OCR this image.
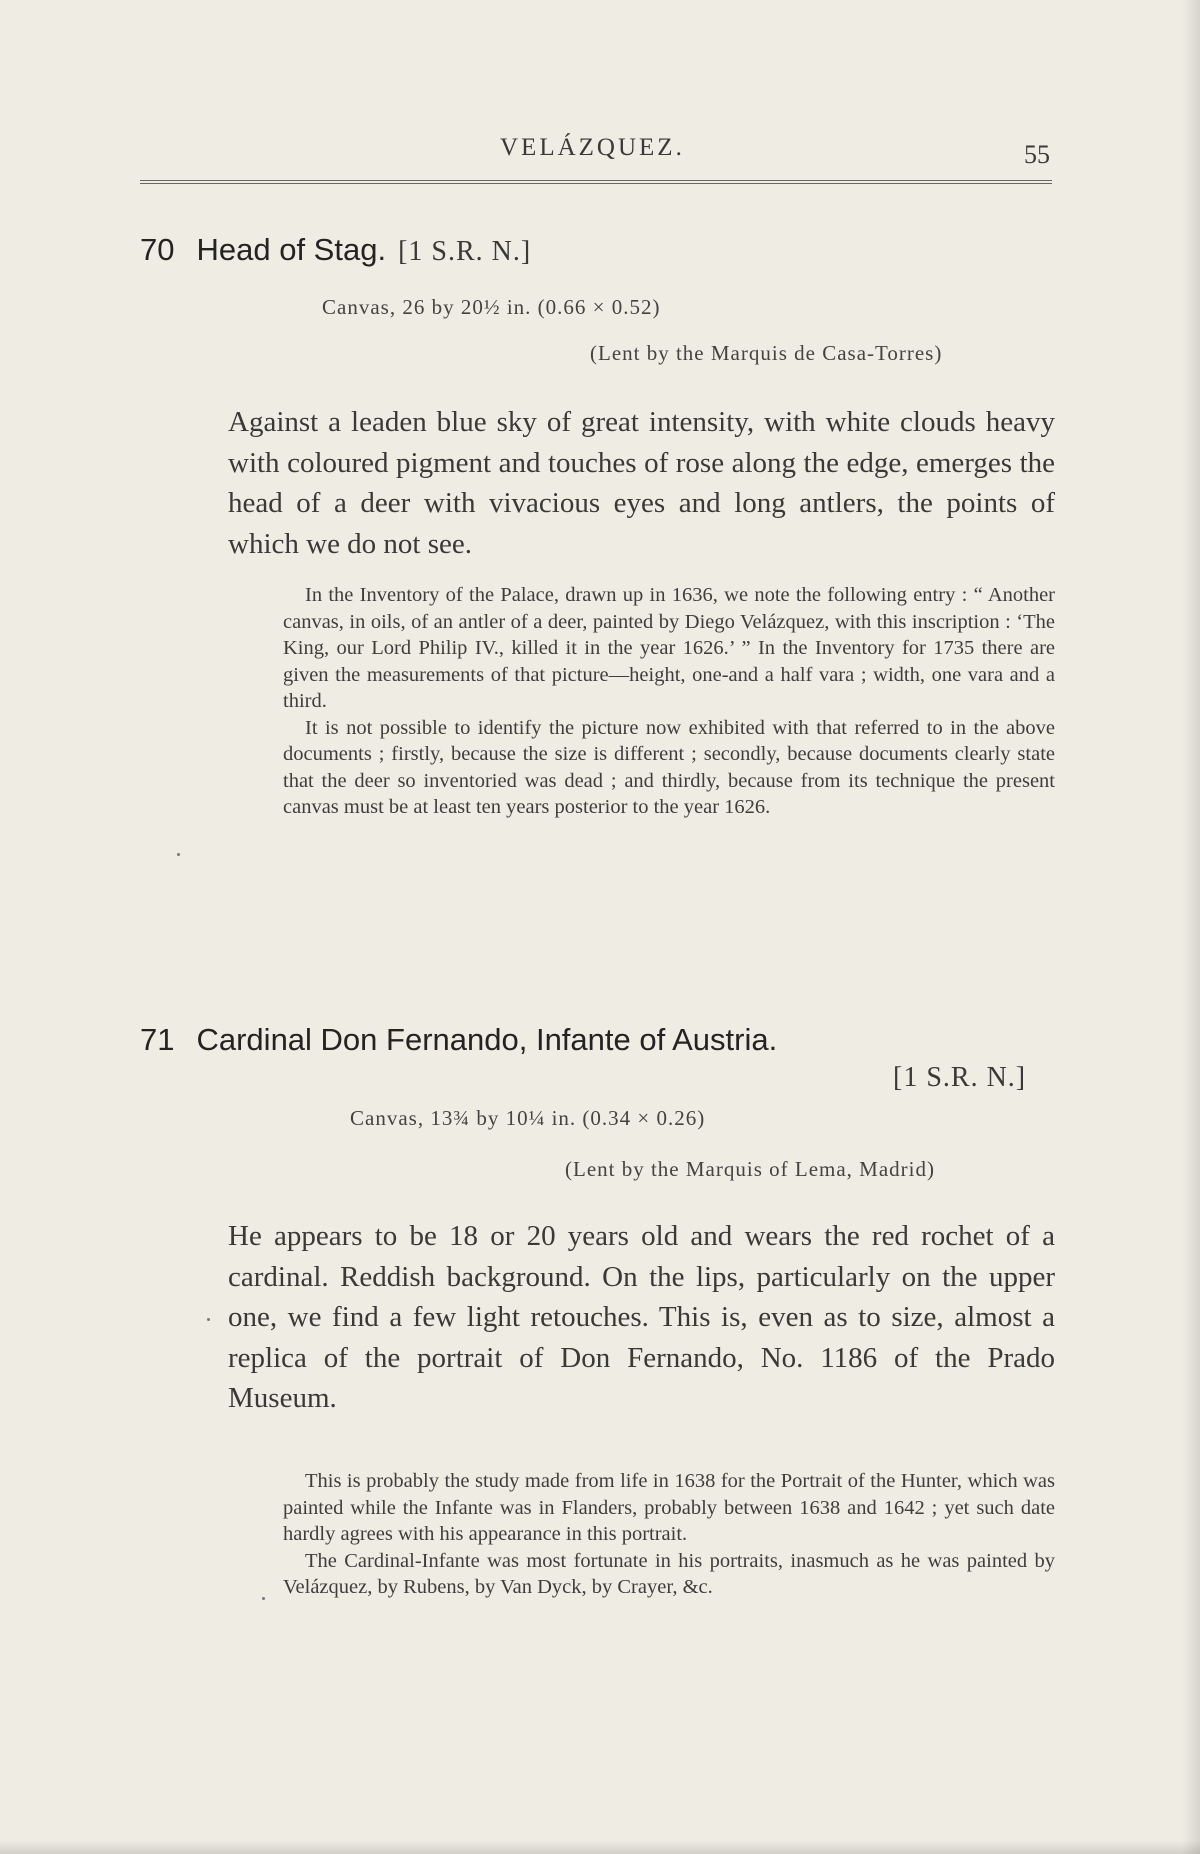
VELÁZQUEZ.	55
70 Head of Stag. [1 S.R. N.]
Canvas, 26 by 20½ in. (0.66 × 0.52)
(Lent by the Marquis de Casa-Torres)
Against a leaden blue sky of great intensity, with white clouds heavy with coloured pigment and touches of rose along the edge, emerges the head of a deer with vivacious eyes and long antlers, the points of which we do not see.

In the Inventory of the Palace, drawn up in 1636, we note the following entry : “ Another canvas, in oils, of an antler of a deer, painted by Diego Velázquez, with this inscription : ‘The King, our Lord Philip IV., killed it in the year 1626.’ ” In the Inventory for 1735 there are given the measurements of that picture—height, one-and a half vara ; width, one vara and a third.

It is not possible to identify the picture now exhibited with that referred to in the above documents ; firstly, because the size is different ; secondly, because documents clearly state that the deer so inventoried was dead ; and thirdly, because from its technique the present canvas must be at least ten years posterior to the year 1626.

71 Cardinal Don Fernando, Infante of Austria.
[1 S.R. N.]
Canvas, 13¾ by 10¼ in. (0.34 × 0.26)
(Lent by the Marquis of Lema, Madrid)
He appears to be 18 or 20 years old and wears the red rochet of a cardinal. Reddish background. On the lips, particularly on the upper one, we find a few light retouches. This is, even as to size, almost a replica of the portrait of Don Fernando, No. 1186 of the Prado Museum.

This is probably the study made from life in 1638 for the Portrait of the Hunter, which was painted while the Infante was in Flanders, probably between 1638 and 1642 ; yet such date hardly agrees with his appearance in this portrait.

The Cardinal-Infante was most fortunate in his portraits, inasmuch as he was painted by Velázquez, by Rubens, by Van Dyck, by Crayer, &c.
